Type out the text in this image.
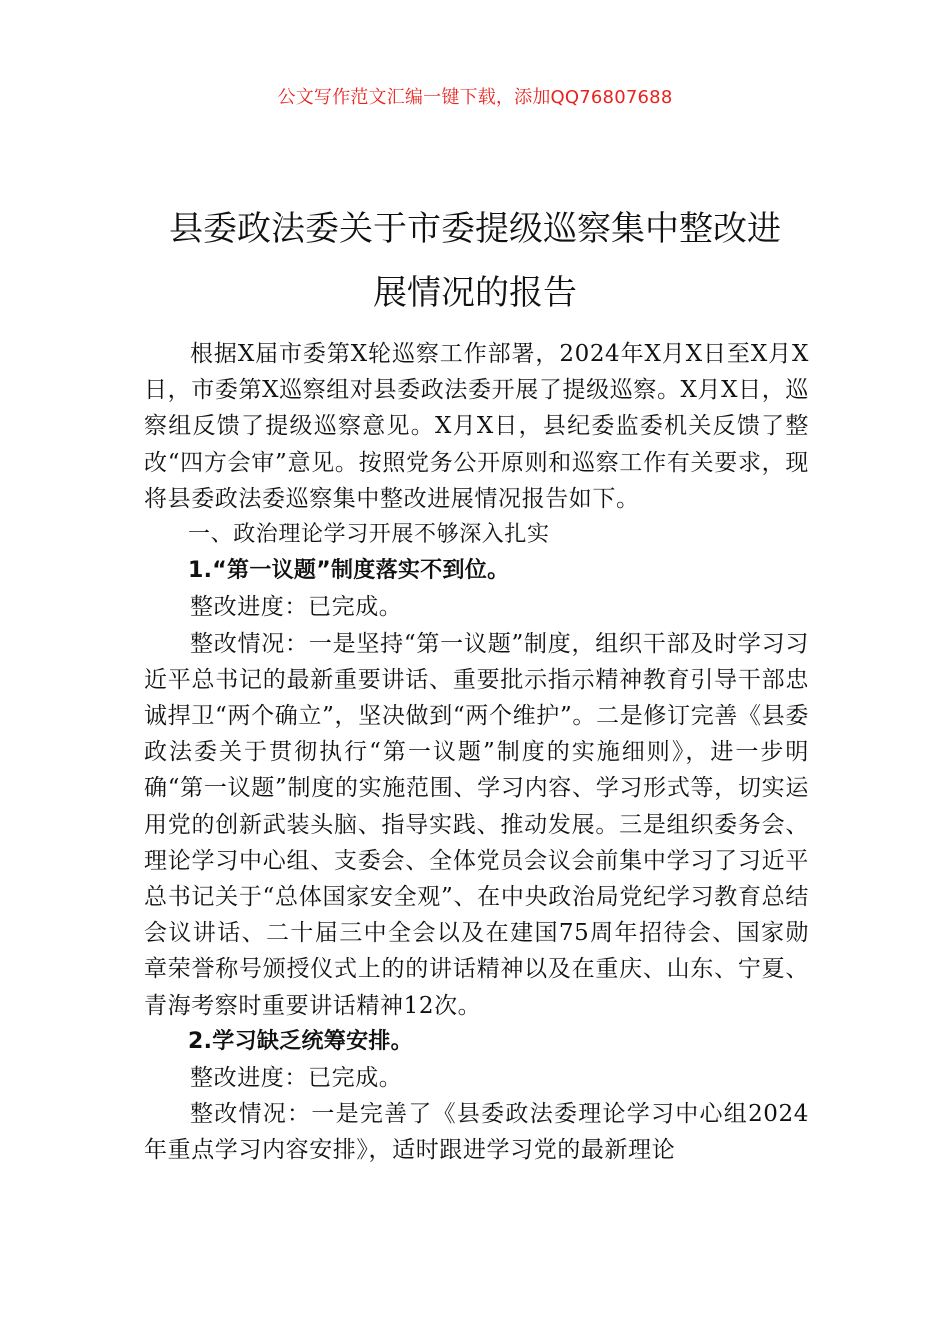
公文写作范文汇编一键下载，添加QQ76807688
县委政法委关于市委提级巡察集中整改进
展情况的报告

根据X届市委第X轮巡察工作部署，2024年X月X日至X月X日，市委第X巡察组对县委政法委开展了提级巡察。X月X日，巡察组反馈了提级巡察意见。X月X日，县纪委监委机关反馈了整改“四方会审”意见。按照党务公开原则和巡察工作有关要求，现将县委政法委巡察集中整改进展情况报告如下。

一、政治理论学习开展不够深入扎实

1.“第一议题”制度落实不到位。

整改进度：已完成。

整改情况：一是坚持“第一议题”制度，组织干部及时学习习近平总书记的最新重要讲话、重要批示指示精神教育引导干部忠诚捍卫“两个确立”，坚决做到“两个维护”。二是修订完善《县委政法委关于贯彻执行“第一议题”制度的实施细则》，进一步明确“第一议题”制度的实施范围、学习内容、学习形式等，切实运用党的创新武装头脑、指导实践、推动发展。三是组织委务会、理论学习中心组、支委会、全体党员会议会前集中学习了习近平总书记关于“总体国家安全观”、在中央政治局党纪学习教育总结会议讲话、二十届三中全会以及在建国75周年招待会、国家勋章荣誉称号颁授仪式上的的讲话精神以及在重庆、山东、宁夏、青海考察时重要讲话精神12次。

2.学习缺乏统筹安排。

整改进度：已完成。

整改情况：一是完善了《县委政法委理论学习中心组2024年重点学习内容安排》，适时跟进学习党的最新理论
